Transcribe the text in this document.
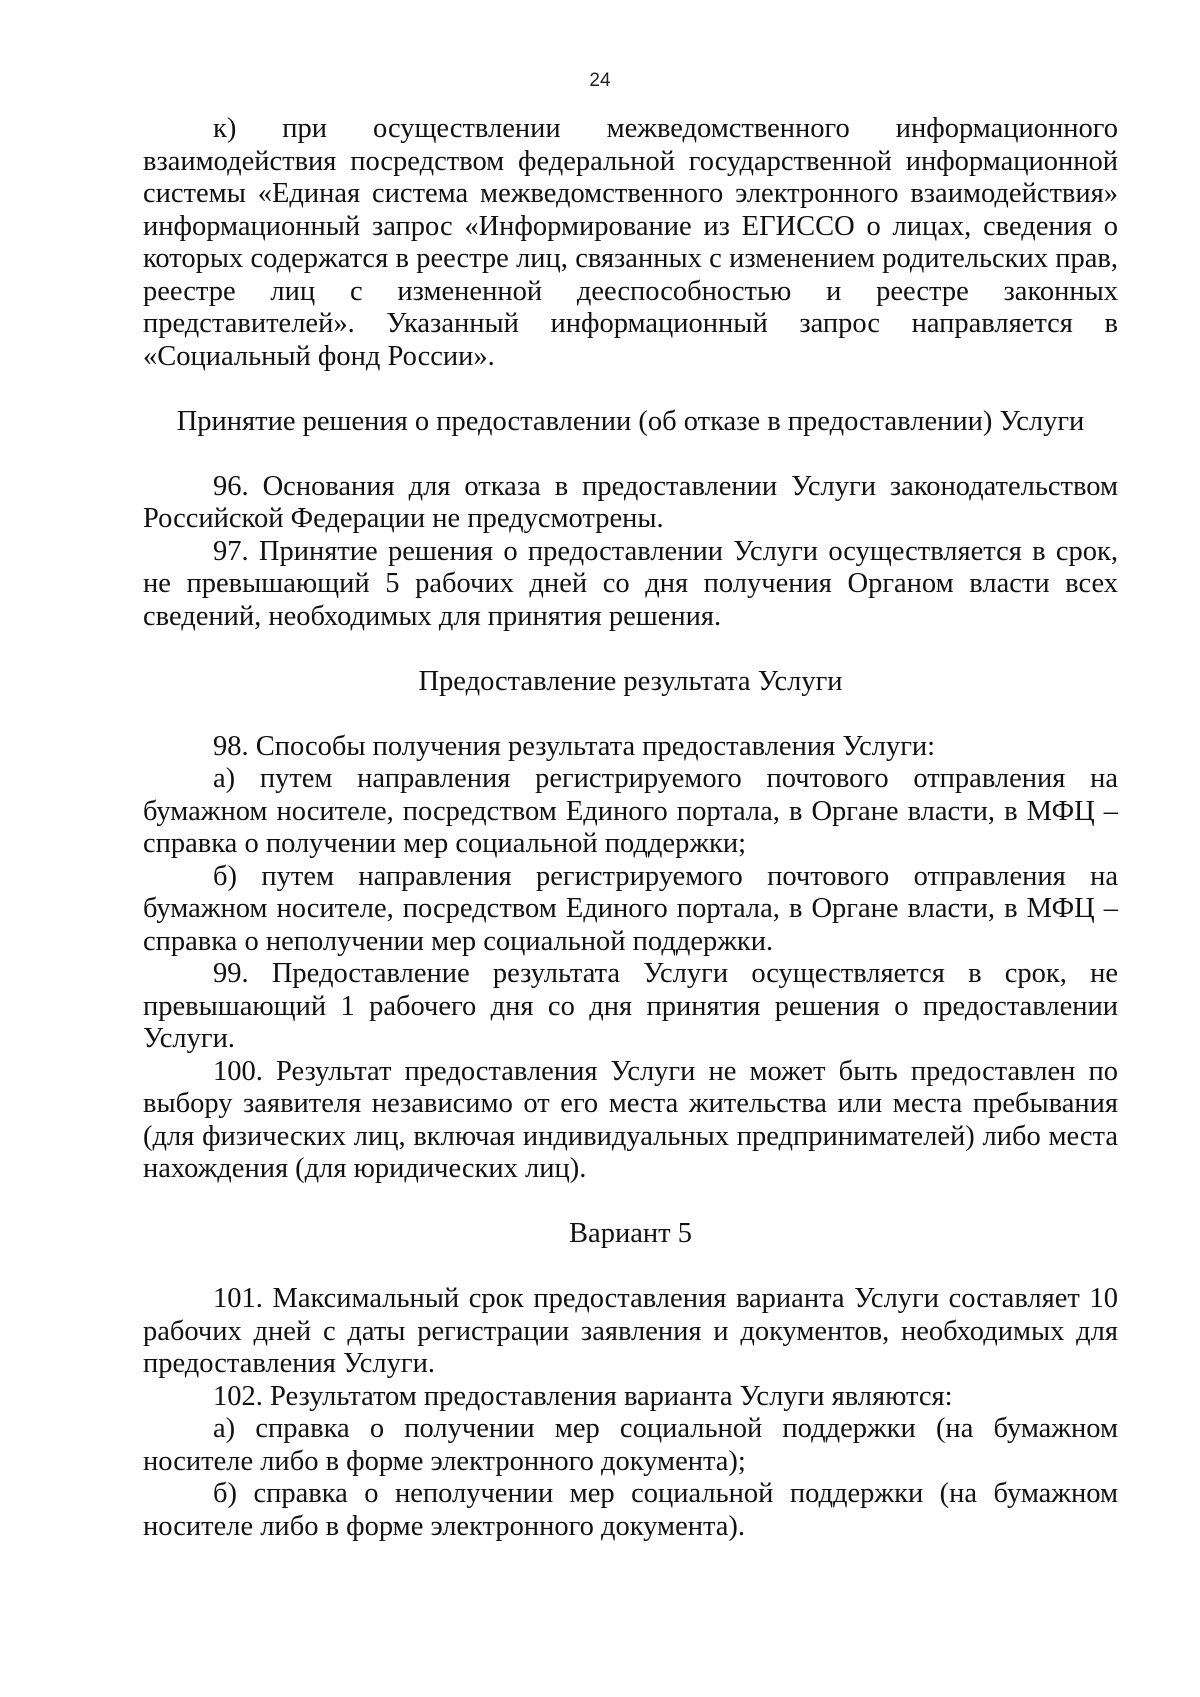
24

к) при осуществлении межведомственного информационного взаимодействия посредством федеральной государственной информационной системы «Единая система межведомственного электронного взаимодействия» информационный запрос «Информирование из ЕГИССО о лицах, сведения о которых содержатся в реестре лиц, связанных с изменением родительских прав, реестре лиц с измененной дееспособностью и реестре законных представителей». Указанный информационный запрос направляется в «Социальный фонд России».

Принятие решения о предоставлении (об отказе в предоставлении) Услуги

96. Основания для отказа в предоставлении Услуги законодательством Российской Федерации не предусмотрены.

97. Принятие решения о предоставлении Услуги осуществляется в срок, не превышающий 5 рабочих дней со дня получения Органом власти всех сведений, необходимых для принятия решения.

Предоставление результата Услуги

98. Способы получения результата предоставления Услуги:

а) путем направления регистрируемого почтового отправления на бумажном носителе, посредством Единого портала, в Органе власти, в МФЦ – справка о получении мер социальной поддержки;

б) путем направления регистрируемого почтового отправления на бумажном носителе, посредством Единого портала, в Органе власти, в МФЦ – справка о неполучении мер социальной поддержки.

99. Предоставление результата Услуги осуществляется в срок, не превышающий 1 рабочего дня со дня принятия решения о предоставлении Услуги.

100. Результат предоставления Услуги не может быть предоставлен по выбору заявителя независимо от его места жительства или места пребывания (для физических лиц, включая индивидуальных предпринимателей) либо места нахождения (для юридических лиц).

Вариант 5

101. Максимальный срок предоставления варианта Услуги составляет 10 рабочих дней с даты регистрации заявления и документов, необходимых для предоставления Услуги.

102. Результатом предоставления варианта Услуги являются:

а) справка о получении мер социальной поддержки (на бумажном носителе либо в форме электронного документа);

б) справка о неполучении мер социальной поддержки (на бумажном носителе либо в форме электронного документа).
